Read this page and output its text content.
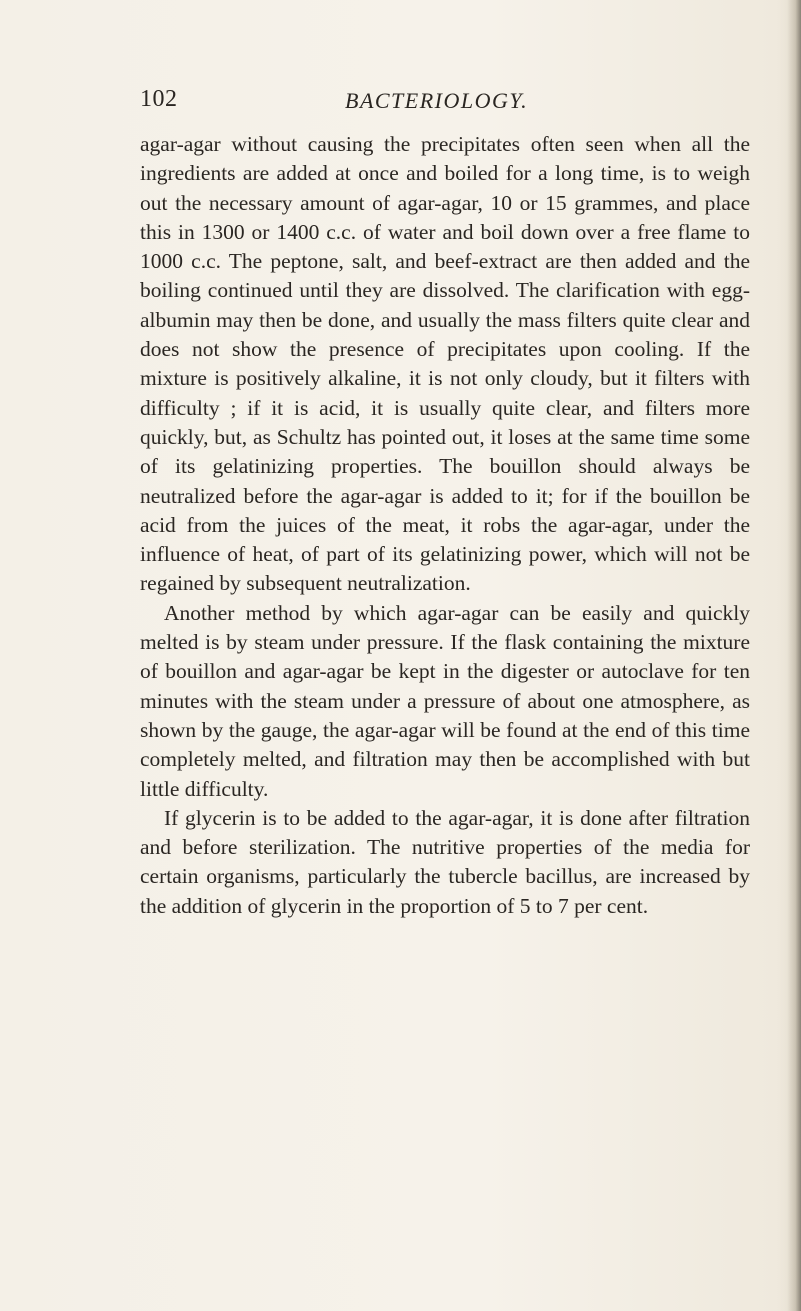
102	BACTERIOLOGY.

agar-agar without causing the precipitates often seen when all the ingredients are added at once and boiled for a long time, is to weigh out the necessary amount of agar-agar, 10 or 15 grammes, and place this in 1300 or 1400 c.c. of water and boil down over a free flame to 1000 c.c. The peptone, salt, and beef-extract are then added and the boiling continued until they are dissolved. The clarification with egg-albumin may then be done, and usually the mass filters quite clear and does not show the presence of precipitates upon cooling. If the mixture is positively alkaline, it is not only cloudy, but it filters with difficulty ; if it is acid, it is usually quite clear, and filters more quickly, but, as Schultz has pointed out, it loses at the same time some of its gelatinizing properties. The bouillon should always be neutralized before the agar-agar is added to it; for if the bouillon be acid from the juices of the meat, it robs the agar-agar, under the influence of heat, of part of its gelatinizing power, which will not be regained by subsequent neutralization.

Another method by which agar-agar can be easily and quickly melted is by steam under pressure. If the flask containing the mixture of bouillon and agar-agar be kept in the digester or autoclave for ten minutes with the steam under a pressure of about one atmosphere, as shown by the gauge, the agar-agar will be found at the end of this time completely melted, and filtration may then be accomplished with but little difficulty.

If glycerin is to be added to the agar-agar, it is done after filtration and before sterilization. The nutritive properties of the media for certain organisms, particularly the tubercle bacillus, are increased by the addition of glycerin in the proportion of 5 to 7 per cent.
